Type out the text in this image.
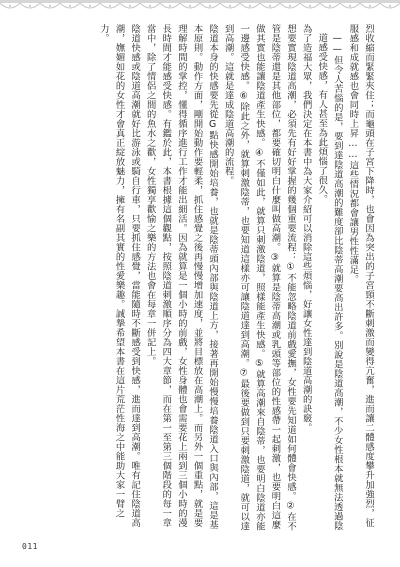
烈收縮而緊緊夾住；而龜頭在子宮下降時，也會因為突出的子宮頸不斷刺激而變得亢奮，進而讓二體感度攀升加強烈，征服感和成就感也會同時上昇……這些情況都會讓男性性滿足。

——但令人苦惱的是，要到達陰道高潮的難度卻比陰蒂高潮要高出許多。別說是陰道高潮，不少女性根本就無法透過陰道感受快感，有人甚至為此煩惱了很久。

為了造福大眾，我們決定在本書中為大家介紹可以消除這些煩惱，好讓女性達到陰道高潮的訣竅。

想要實現陰道高潮，必須先有好好掌握的幾個重要流程：①不能忽略陰道前戲愛撫，女性要先知道如何體會快感。②在不管是陰蒂還是其他部位，都要確切明白什麼叫做高潮。③就算是陰蒂高潮或乳頭等部位的性感帶一起刺激，也要明白這麼做其實也能讓陰道產生快感。④不僅如此，就算只刺激陰道，照樣能產生快感。⑤就算高潮來自陰蒂，也要明白陰道亦能一邊感受快感。⑥除此之外，就算刺激陰蒂，也要知道這樣亦可讓陰道達到高潮。⑦最後要做到只要刺激陰道，就可以達到高潮。這就是達成陰道高潮的流程。

陰道本身的快感要先從G點快感開始培養，也就是陰蒂頭內部與陰道上方，接著再開始慢慢培養陰道入口與內部，這是基本原則。動作方面，剛開始動作要輕柔，抓住感覺之後再慢慢增加速度，並將目標放在高潮上。而另外一個重點，就是要理解時間的掌控，懂得循序進行工作才能出細活。因為就算是一個小時的前戲，女性身體也會需要花上兩到三個小時的漫長時間才能感受快感。有鑑於此，本書根據這個觀點，按照陰道刺激順序分為四大章節，而在第一至第三個階段的每一章當中，除了情侶之間的魚水之歡，女性獨享歡愉之樂的方法也會在每章一併記上。

陰道快感或陰道高潮就好比游泳或騎自行車，只要抓住感覺，當能隨時不斷感受到快感，進而達到高潮。唯有記住陰道高潮，嫵媚如花的女性才會真正綻放魅力，擁有名副其實的性愛樂趣。誠摯希望本書在這片荒茫性海之中能助大家一臂之力。

011
